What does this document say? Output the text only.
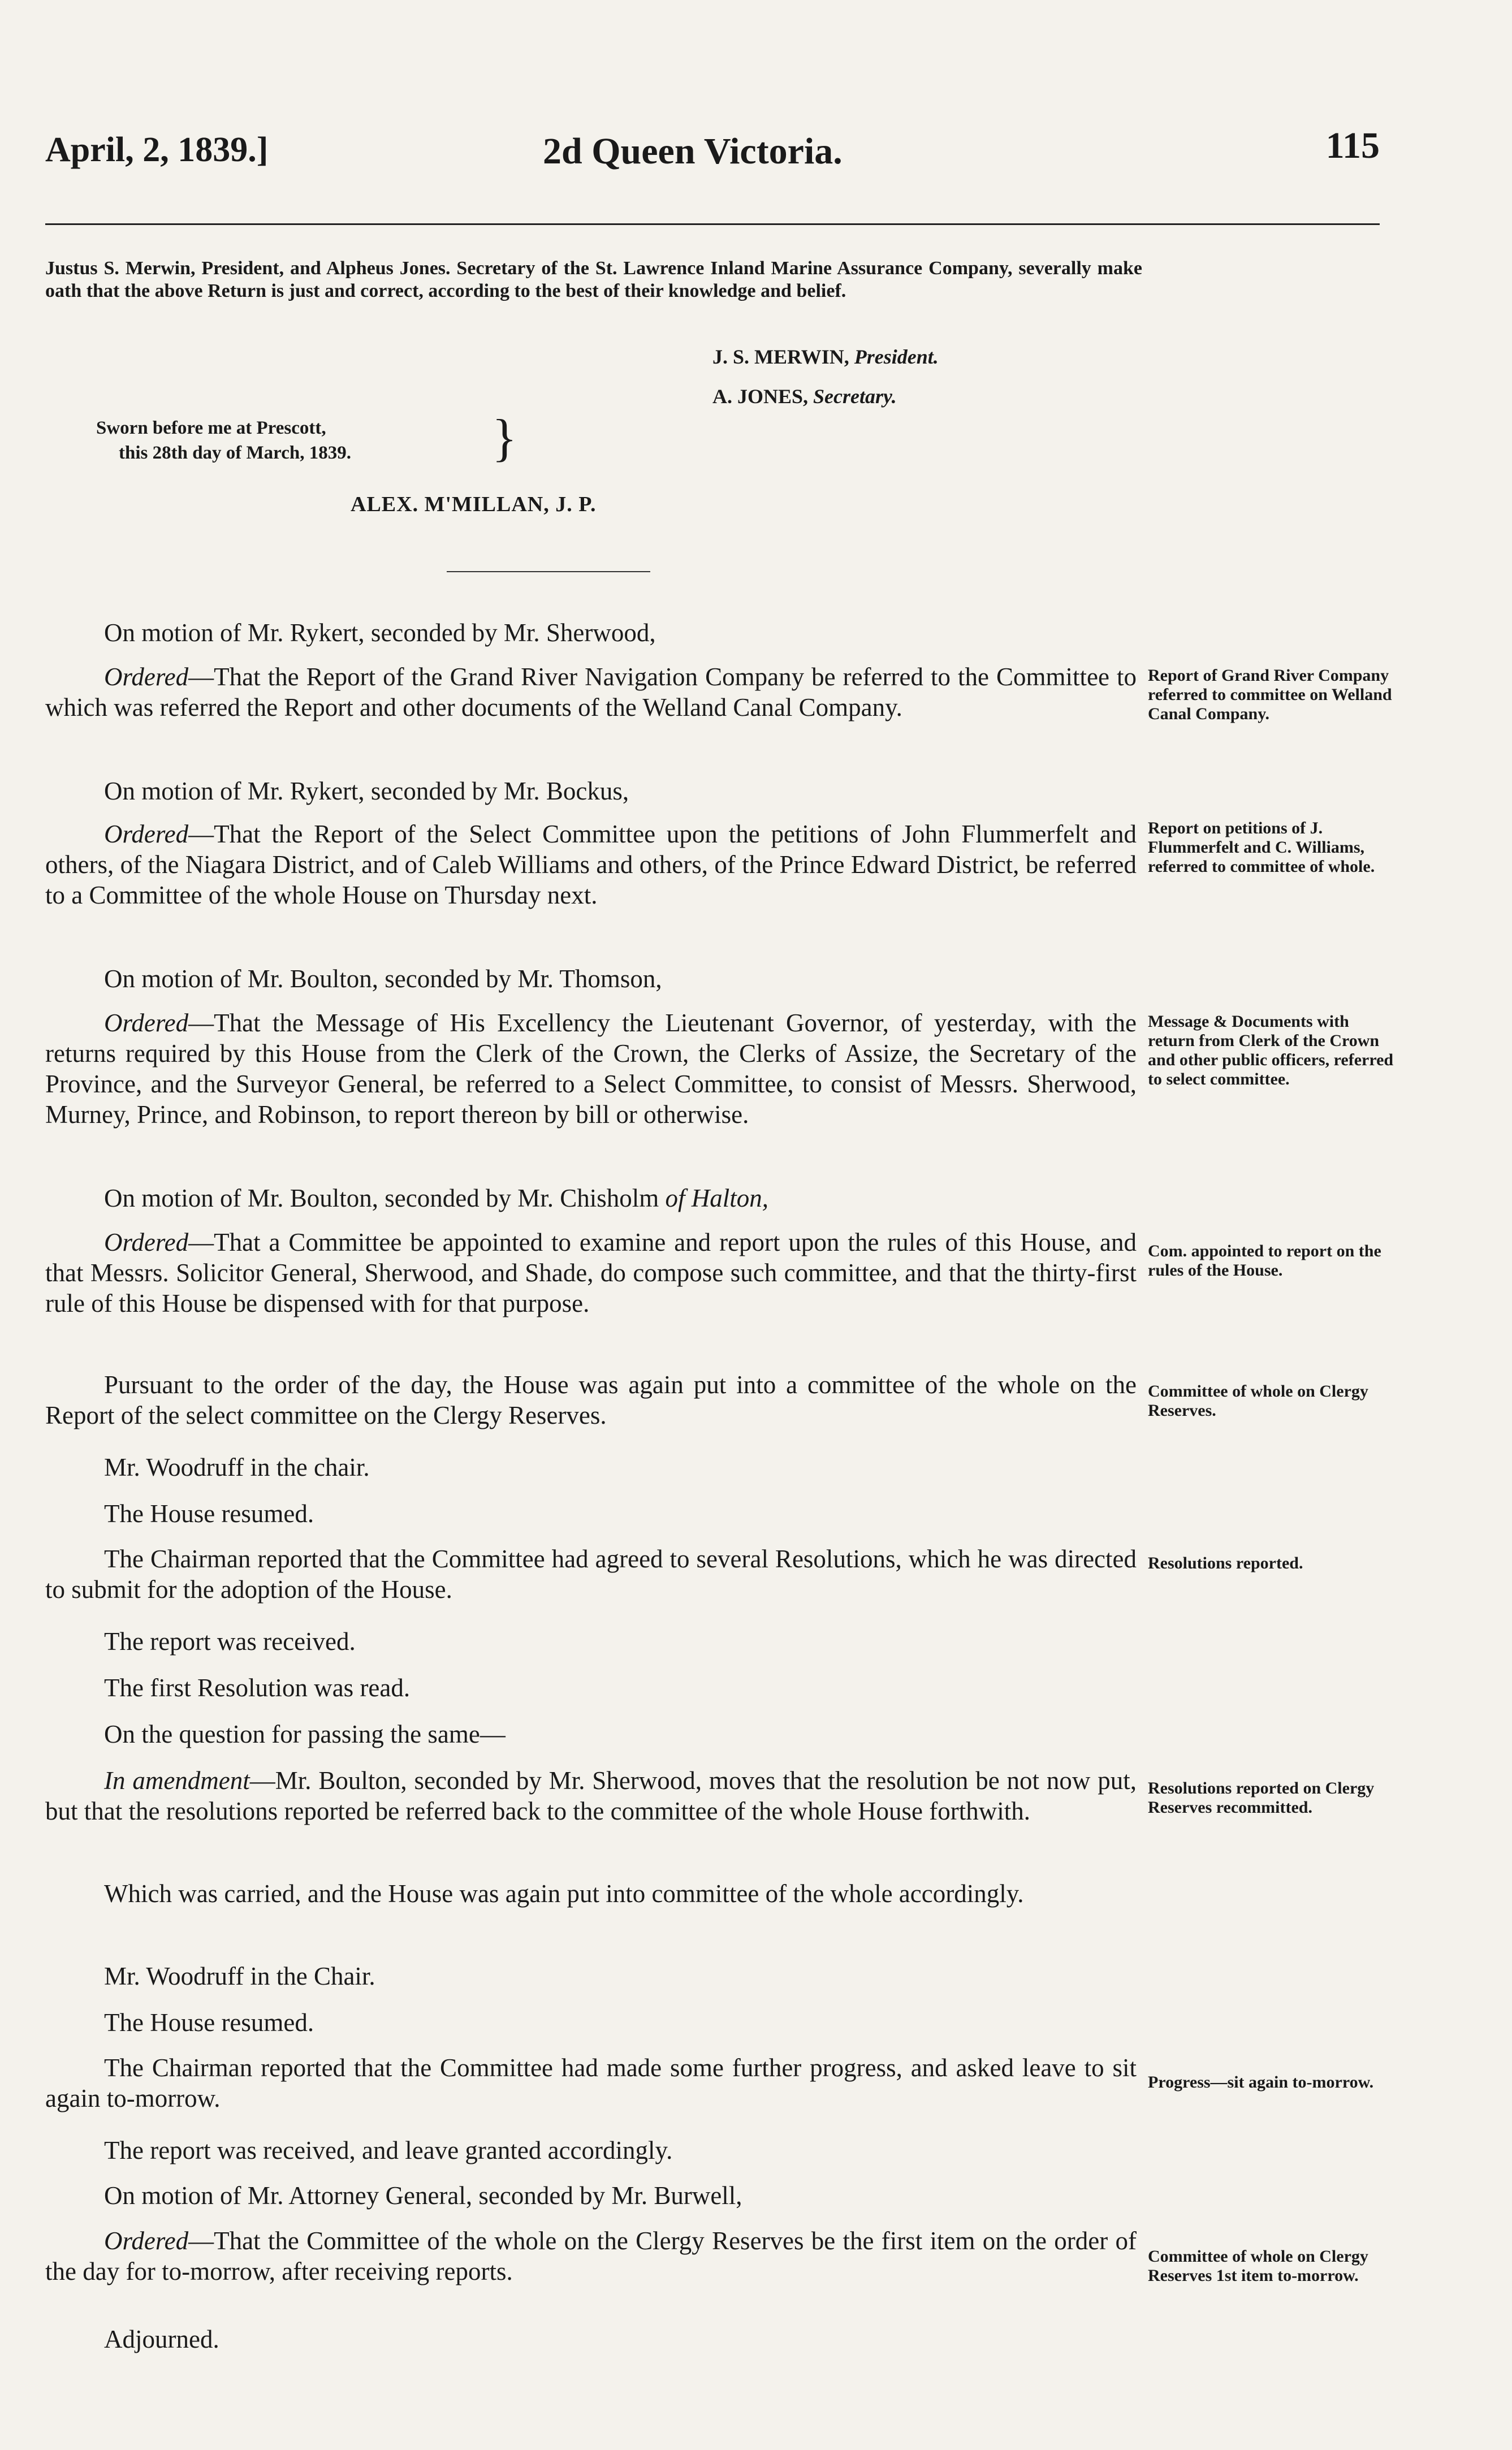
April, 2, 1839.]	2d Queen Victoria.	115
Justus S. Merwin, President, and Alpheus Jones. Secretary of the St. Lawrence Inland Marine Assurance Company, severally make oath that the above Return is just and correct, according to the best of their knowledge and belief.
J. S. MERWIN, President.
A. JONES, Secretary.
Sworn before me at Prescott,
this 28th day of March, 1839.	}
ALEX. M'MILLAN, J. P.
On motion of Mr. Rykert, seconded by Mr. Sherwood,
Ordered—That the Report of the Grand River Navigation Company be referred to the Committee to which was referred the Report and other documents of the Welland Canal Company.
On motion of Mr. Rykert, seconded by Mr. Bockus,
Ordered—That the Report of the Select Committee upon the petitions of John Flummerfelt and others, of the Niagara District, and of Caleb Williams and others, of the Prince Edward District, be referred to a Committee of the whole House on Thursday next.
On motion of Mr. Boulton, seconded by Mr. Thomson,
Ordered—That the Message of His Excellency the Lieutenant Governor, of yesterday, with the returns required by this House from the Clerk of the Crown, the Clerks of Assize, the Secretary of the Province, and the Surveyor General, be referred to a Select Committee, to consist of Messrs. Sherwood, Murney, Prince, and Robinson, to report thereon by bill or otherwise.
On motion of Mr. Boulton, seconded by Mr. Chisholm of Halton,
Ordered—That a Committee be appointed to examine and report upon the rules of this House, and that Messrs. Solicitor General, Sherwood, and Shade, do compose such committee, and that the thirty-first rule of this House be dispensed with for that purpose.
Pursuant to the order of the day, the House was again put into a committee of the whole on the Report of the select committee on the Clergy Reserves.
Mr. Woodruff in the chair.
The House resumed.
The Chairman reported that the Committee had agreed to several Resolutions, which he was directed to submit for the adoption of the House.
The report was received.
The first Resolution was read.
On the question for passing the same—
In amendment—Mr. Boulton, seconded by Mr. Sherwood, moves that the resolution be not now put, but that the resolutions reported be referred back to the committee of the whole House forthwith.
Which was carried, and the House was again put into committee of the whole accordingly.
Mr. Woodruff in the Chair.
The House resumed.
The Chairman reported that the Committee had made some further progress, and asked leave to sit again to-morrow.
The report was received, and leave granted accordingly.
On motion of Mr. Attorney General, seconded by Mr. Burwell,
Ordered—That the Committee of the whole on the Clergy Reserves be the first item on the order of the day for to-morrow, after receiving reports.
Adjourned.
Report of Grand River Company referred to committee on Welland Canal Company.
Report on petitions of J. Flummerfelt and C. Williams, referred to committee of whole.
Message & Documents with return from Clerk of the Crown and other public officers, referred to select committee.
Com. appointed to report on the rules of the House.
Committee of whole on Clergy Reserves.
Resolutions reported.
Resolutions reported on Clergy Reserves recommitted.
Progress—sit again to-morrow.
Committee of whole on Clergy Reserves 1st item to-morrow.
